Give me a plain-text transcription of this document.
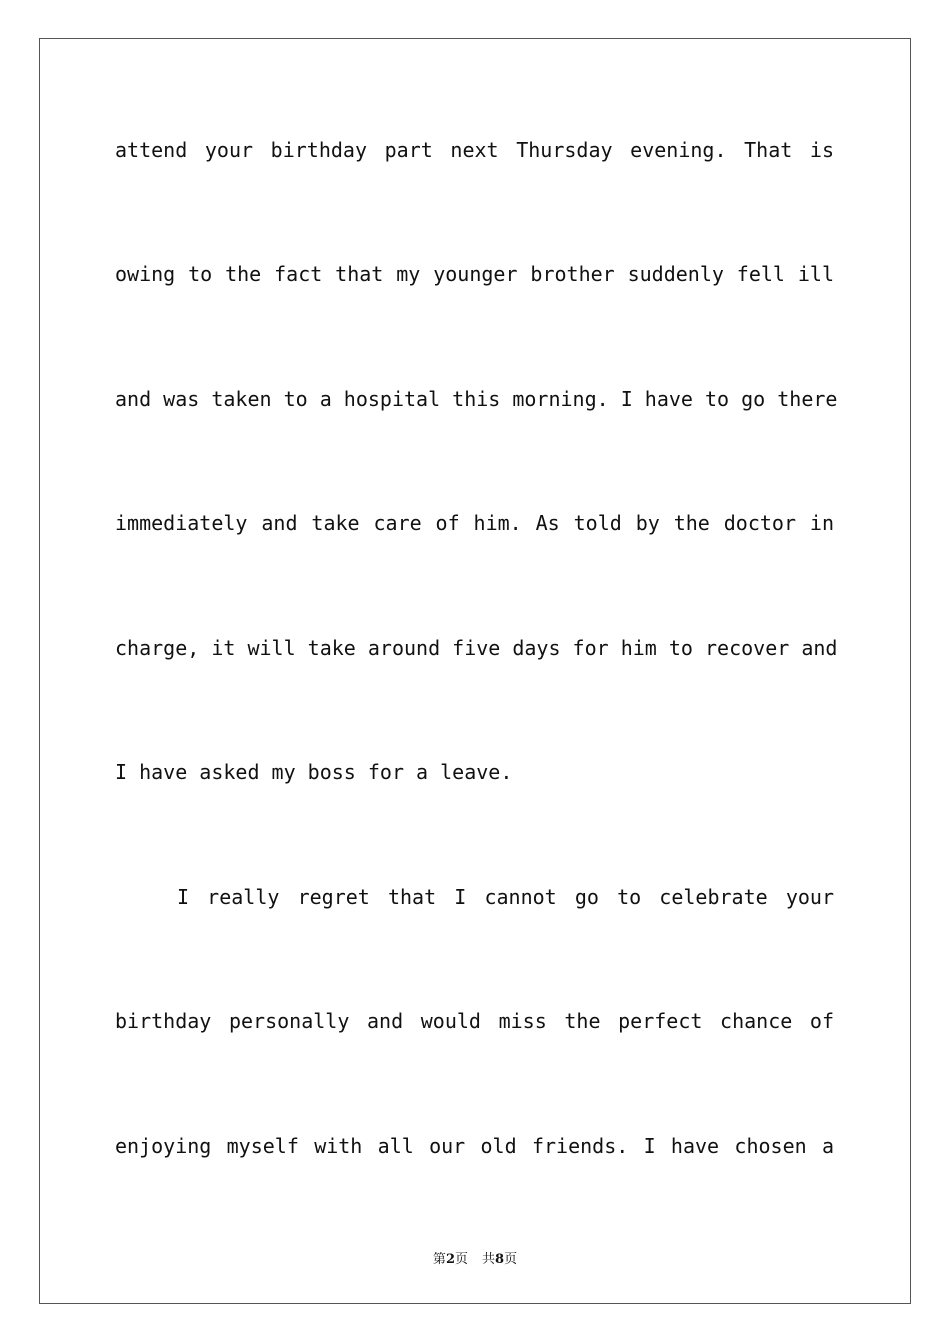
attend your birthday part next Thursday evening. That is
owing to the fact that my younger brother suddenly fell ill
and was taken to a hospital this morning. I have to go there
immediately and take care of him. As told by the doctor in
charge, it will take around five days for him to recover and
I have asked my boss for a leave.
I really regret that I cannot go to celebrate your
birthday personally and would miss the perfect chance of
enjoying myself with all our old friends. I have chosen a
第2页 共8页
